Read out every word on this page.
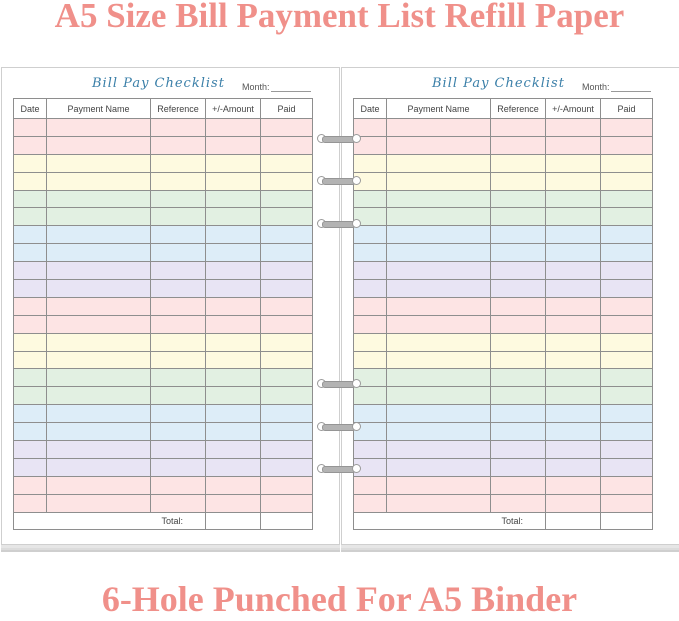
A5 Size Bill Payment List Refill Paper
Bill Pay Checklist Month:
Date	Payment Name	Reference	+/-Amount	Paid

Total:				
Bill Pay Checklist Month:
Date	Payment Name	Reference	+/-Amount	Paid

Total:				
6-Hole Punched For A5 Binder
